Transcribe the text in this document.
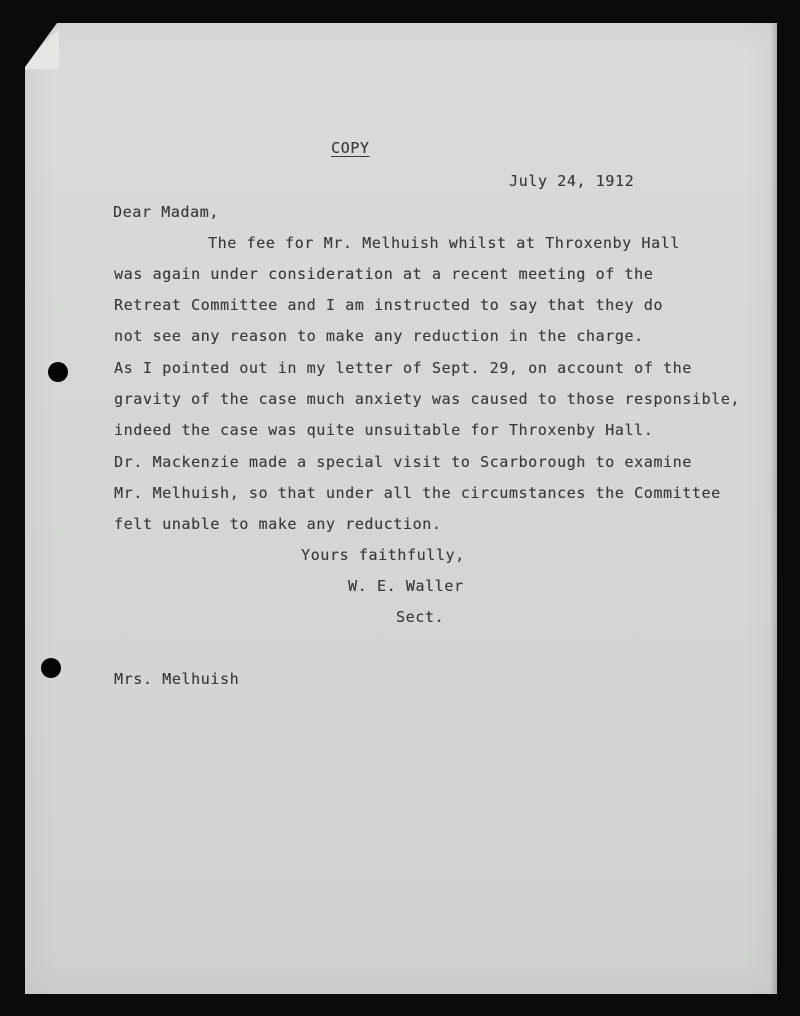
COPY
July 24, 1912
Dear Madam,
The fee for Mr. Melhuish whilst at Throxenby Hall
was again under consideration at a recent meeting of the
Retreat Committee and I am instructed to say that they do
not see any reason to make any reduction in the charge.
As I pointed out in my letter of Sept. 29, on account of the
gravity of the case much anxiety was caused to those responsible,
indeed the case was quite unsuitable for Throxenby Hall.
Dr. Mackenzie made a special visit to Scarborough to examine
Mr. Melhuish, so that under all the circumstances the Committee
felt unable to make any reduction.
Yours faithfully,
W. E. Waller
Sect.
Mrs. Melhuish
